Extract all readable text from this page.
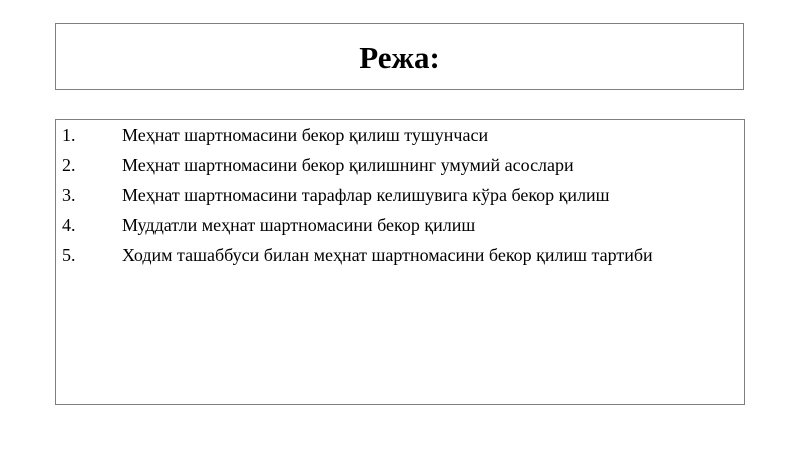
Режа:
1.	Меҳнат шартномасини бекор қилиш тушунчаси
2.	Меҳнат шартномасини бекор қилишнинг умумий асослари
3.	Меҳнат шартномасини тарафлар келишувига кўра бекор қилиш
4.	Муддатли меҳнат шартномасини бекор қилиш
5.	Ходим ташаббуси билан меҳнат шартномасини бекор қилиш тартиби
